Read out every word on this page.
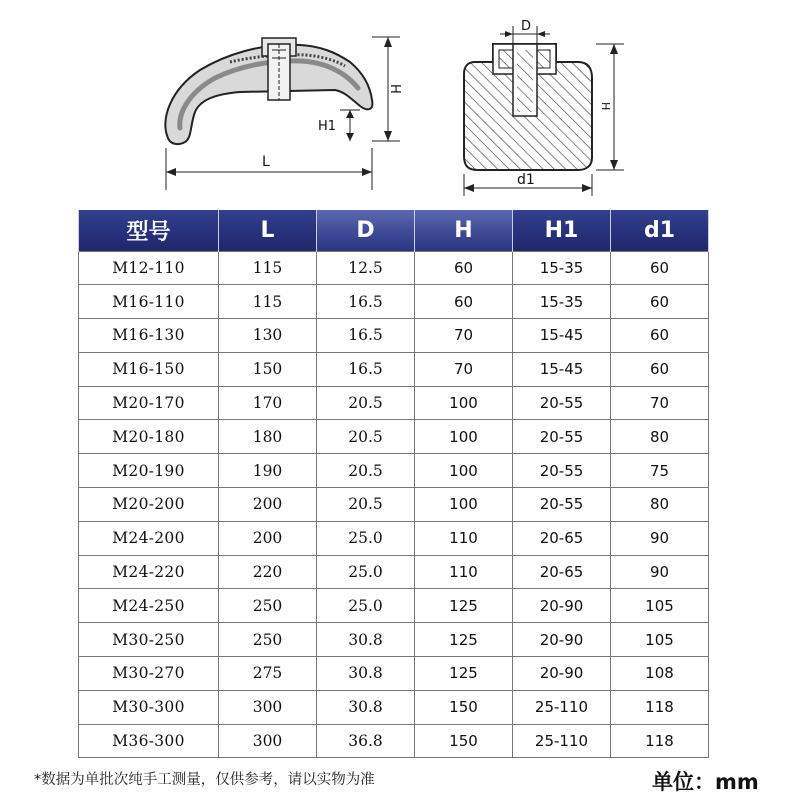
L
H
H1
D
H
d1
型号	L	D	H	H1	d1
M12-110	115	12.5	60	15-35	60
M16-110	115	16.5	60	15-35	60
M16-130	130	16.5	70	15-45	60
M16-150	150	16.5	70	15-45	60
M20-170	170	20.5	100	20-55	70
M20-180	180	20.5	100	20-55	80
M20-190	190	20.5	100	20-55	75
M20-200	200	20.5	100	20-55	80
M24-200	200	25.0	110	20-65	90
M24-220	220	25.0	110	20-65	90
M24-250	250	25.0	125	20-90	105
M30-250	250	30.8	125	20-90	105
M30-270	275	30.8	125	20-90	108
M30-300	300	30.8	150	25-110	118
M36-300	300	36.8	150	25-110	118
*数据为单批次纯手工测量，仅供参考，请以实物为准	单位：mm
